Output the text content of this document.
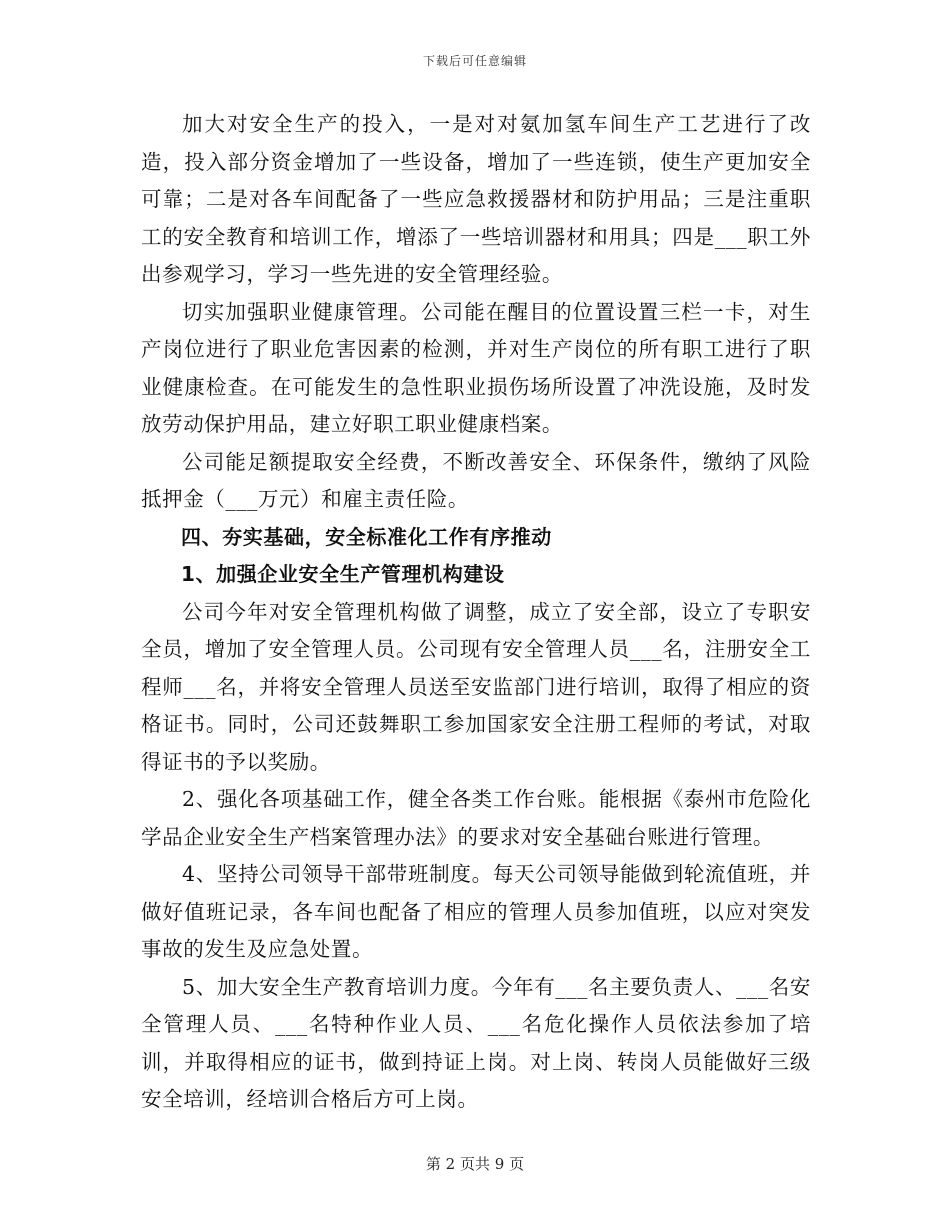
下载后可任意编辑

加大对安全生产的投入，一是对对氨加氢车间生产工艺进行了改造，投入部分资金增加了一些设备，增加了一些连锁，使生产更加安全可靠；二是对各车间配备了一些应急救援器材和防护用品；三是注重职工的安全教育和培训工作，增添了一些培训器材和用具；四是___职工外出参观学习，学习一些先进的安全管理经验。

切实加强职业健康管理。公司能在醒目的位置设置三栏一卡，对生产岗位进行了职业危害因素的检测，并对生产岗位的所有职工进行了职业健康检查。在可能发生的急性职业损伤场所设置了冲洗设施，及时发放劳动保护用品，建立好职工职业健康档案。

公司能足额提取安全经费，不断改善安全、环保条件，缴纳了风险抵押金（___万元）和雇主责任险。

四、夯实基础，安全标准化工作有序推动

1、加强企业安全生产管理机构建设

公司今年对安全管理机构做了调整，成立了安全部，设立了专职安全员，增加了安全管理人员。公司现有安全管理人员___名，注册安全工程师___名，并将安全管理人员送至安监部门进行培训，取得了相应的资格证书。同时，公司还鼓舞职工参加国家安全注册工程师的考试，对取得证书的予以奖励。

2、强化各项基础工作，健全各类工作台账。能根据《泰州市危险化学品企业安全生产档案管理办法》的要求对安全基础台账进行管理。

4、坚持公司领导干部带班制度。每天公司领导能做到轮流值班，并做好值班记录，各车间也配备了相应的管理人员参加值班，以应对突发事故的发生及应急处置。

5、加大安全生产教育培训力度。今年有___名主要负责人、___名安全管理人员、___名特种作业人员、___名危化操作人员依法参加了培训，并取得相应的证书，做到持证上岗。对上岗、转岗人员能做好三级安全培训，经培训合格后方可上岗。

第 2 页共 9 页
